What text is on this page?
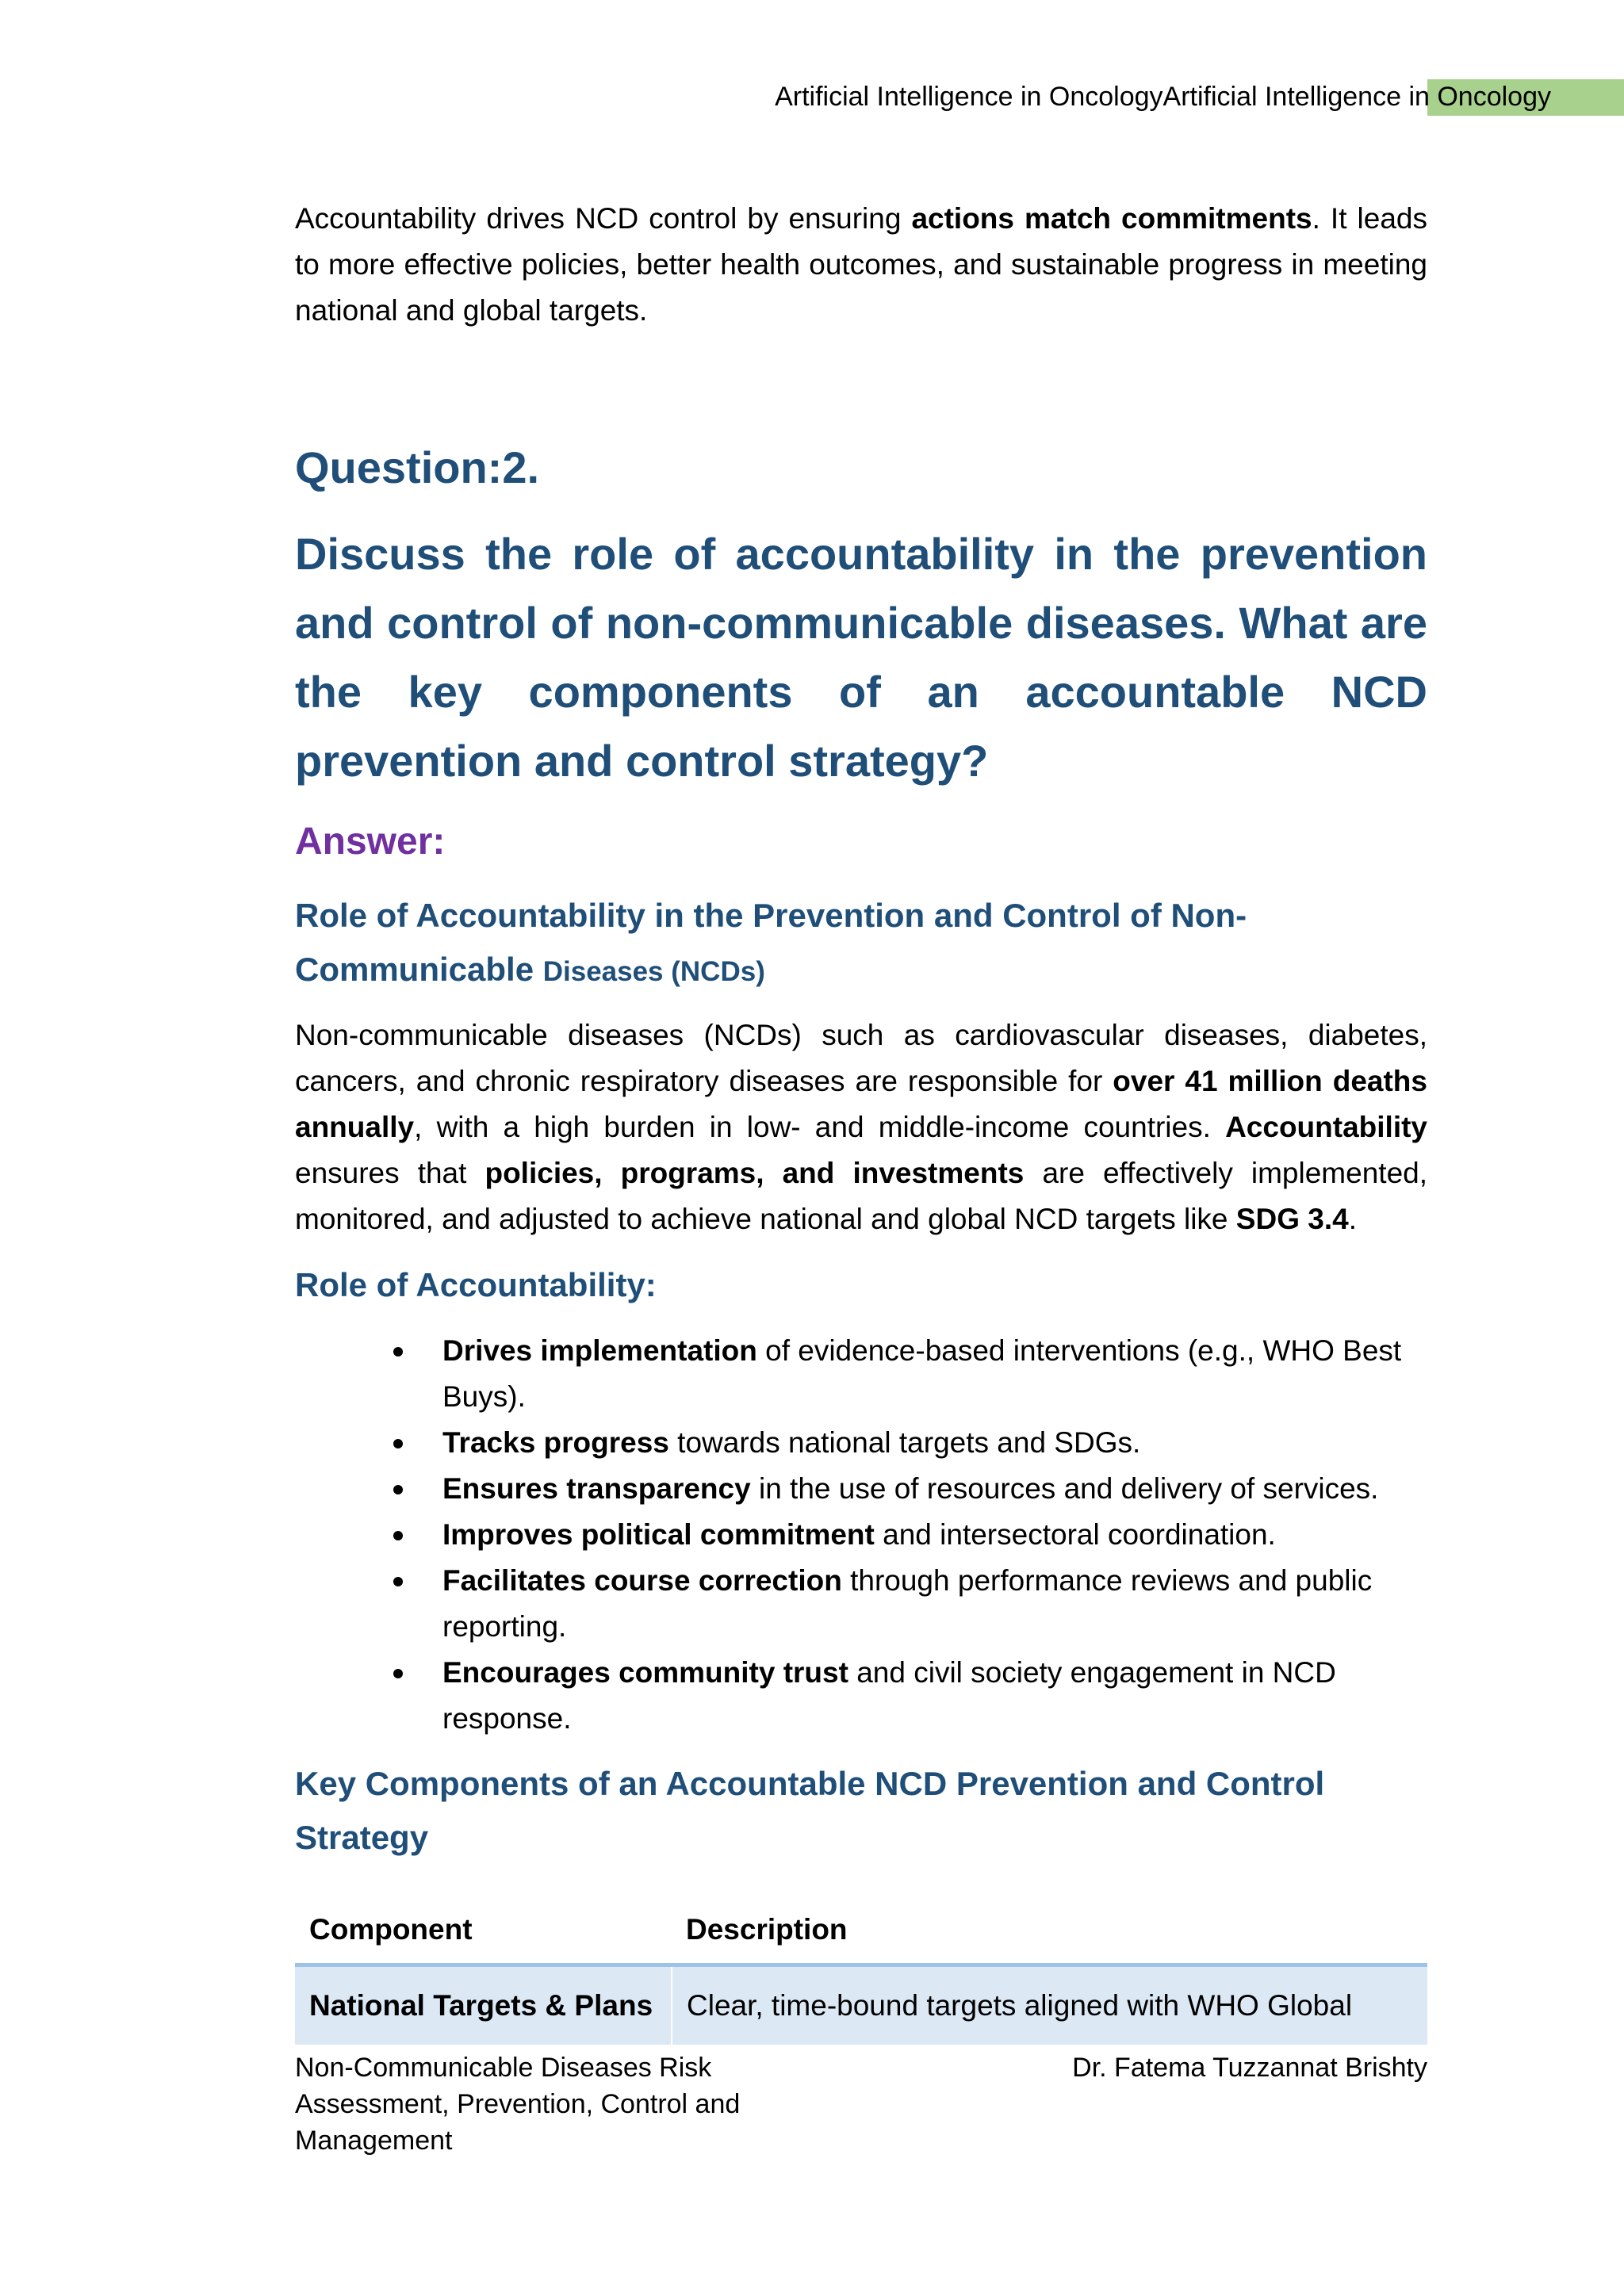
Artificial Intelligence in OncologyArtificial Intelligence in Oncology

Accountability drives NCD control by ensuring actions match commitments. It leads to more effective policies, better health outcomes, and sustainable progress in meeting national and global targets.

Question:2.
Discuss the role of accountability in the prevention and control of non-communicable diseases. What are the key components of an accountable NCD prevention and control strategy?
Answer:
Role of Accountability in the Prevention and Control of Non-Communicable Diseases (NCDs)

Non-communicable diseases (NCDs) such as cardiovascular diseases, diabetes, cancers, and chronic respiratory diseases are responsible for over 41 million deaths annually, with a high burden in low- and middle-income countries. Accountability ensures that policies, programs, and investments are effectively implemented, monitored, and adjusted to achieve national and global NCD targets like SDG 3.4.

Role of Accountability:
Drives implementation of evidence-based interventions (e.g., WHO Best Buys).
Tracks progress towards national targets and SDGs.
Ensures transparency in the use of resources and delivery of services.
Improves political commitment and intersectoral coordination.
Facilitates course correction through performance reviews and public reporting.
Encourages community trust and civil society engagement in NCD response.
Key Components of an Accountable NCD Prevention and Control Strategy
Component	Description
National Targets & Plans	Clear, time-bound targets aligned with WHO Global
Non-Communicable Diseases Risk Assessment, Prevention, Control and Management
Dr. Fatema Tuzzannat Brishty
